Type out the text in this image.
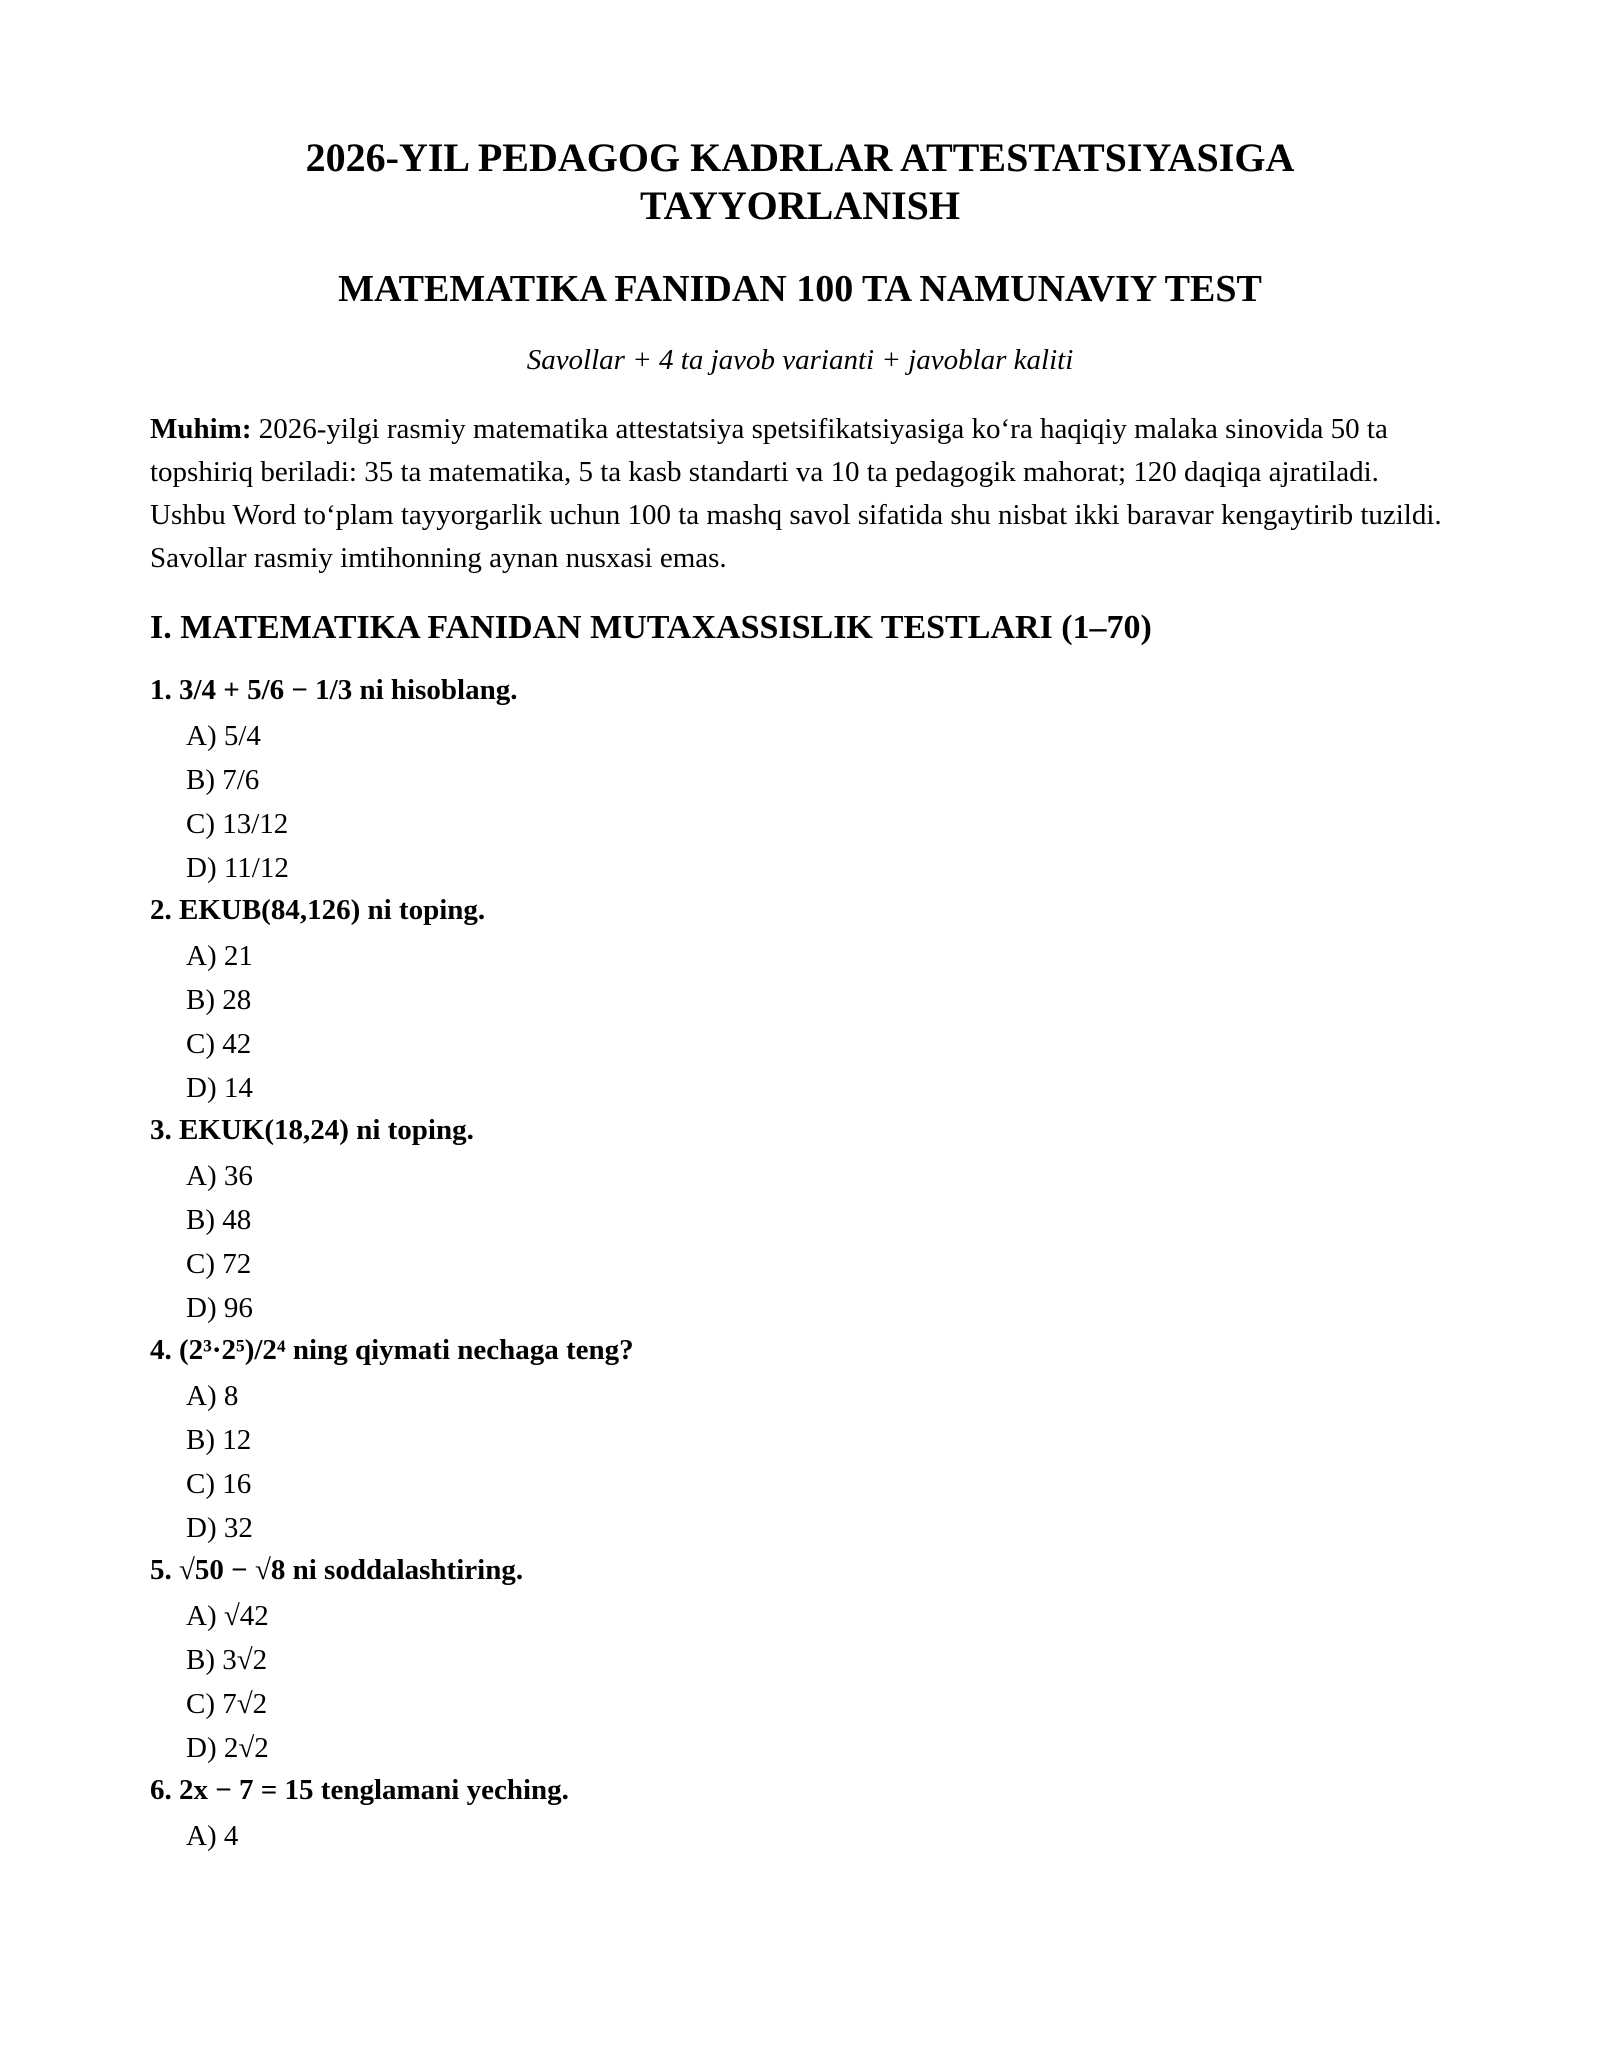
2026-YIL PEDAGOG KADRLAR ATTESTATSIYASIGA
TAYYORLANISH
MATEMATIKA FANIDAN 100 TA NAMUNAVIY TEST

Savollar + 4 ta javob varianti + javoblar kaliti

Muhim: 2026-yilgi rasmiy matematika attestatsiya spetsifikatsiyasiga ko‘ra haqiqiy malaka sinovida 50 ta topshiriq beriladi: 35 ta matematika, 5 ta kasb standarti va 10 ta pedagogik mahorat; 120 daqiqa ajratiladi. Ushbu Word to‘plam tayyorgarlik uchun 100 ta mashq savol sifatida shu nisbat ikki baravar kengaytirib tuzildi. Savollar rasmiy imtihonning aynan nusxasi emas.

I. MATEMATIKA FANIDAN MUTAXASSISLIK TESTLARI (1–70)

1. 3/4 + 5/6 − 1/3 ni hisoblang.

A) 5/4
B) 7/6
C) 13/12
D) 11/12

2. EKUB(84,126) ni toping.

A) 21
B) 28
C) 42
D) 14

3. EKUK(18,24) ni toping.

A) 36
B) 48
C) 72
D) 96

4. (2³·2⁵)/2⁴ ning qiymati nechaga teng?

A) 8
B) 12
C) 16
D) 32

5. √50 − √8 ni soddalashtiring.

A) √42
B) 3√2
C) 7√2
D) 2√2

6. 2x − 7 = 15 tenglamani yeching.

A) 4
